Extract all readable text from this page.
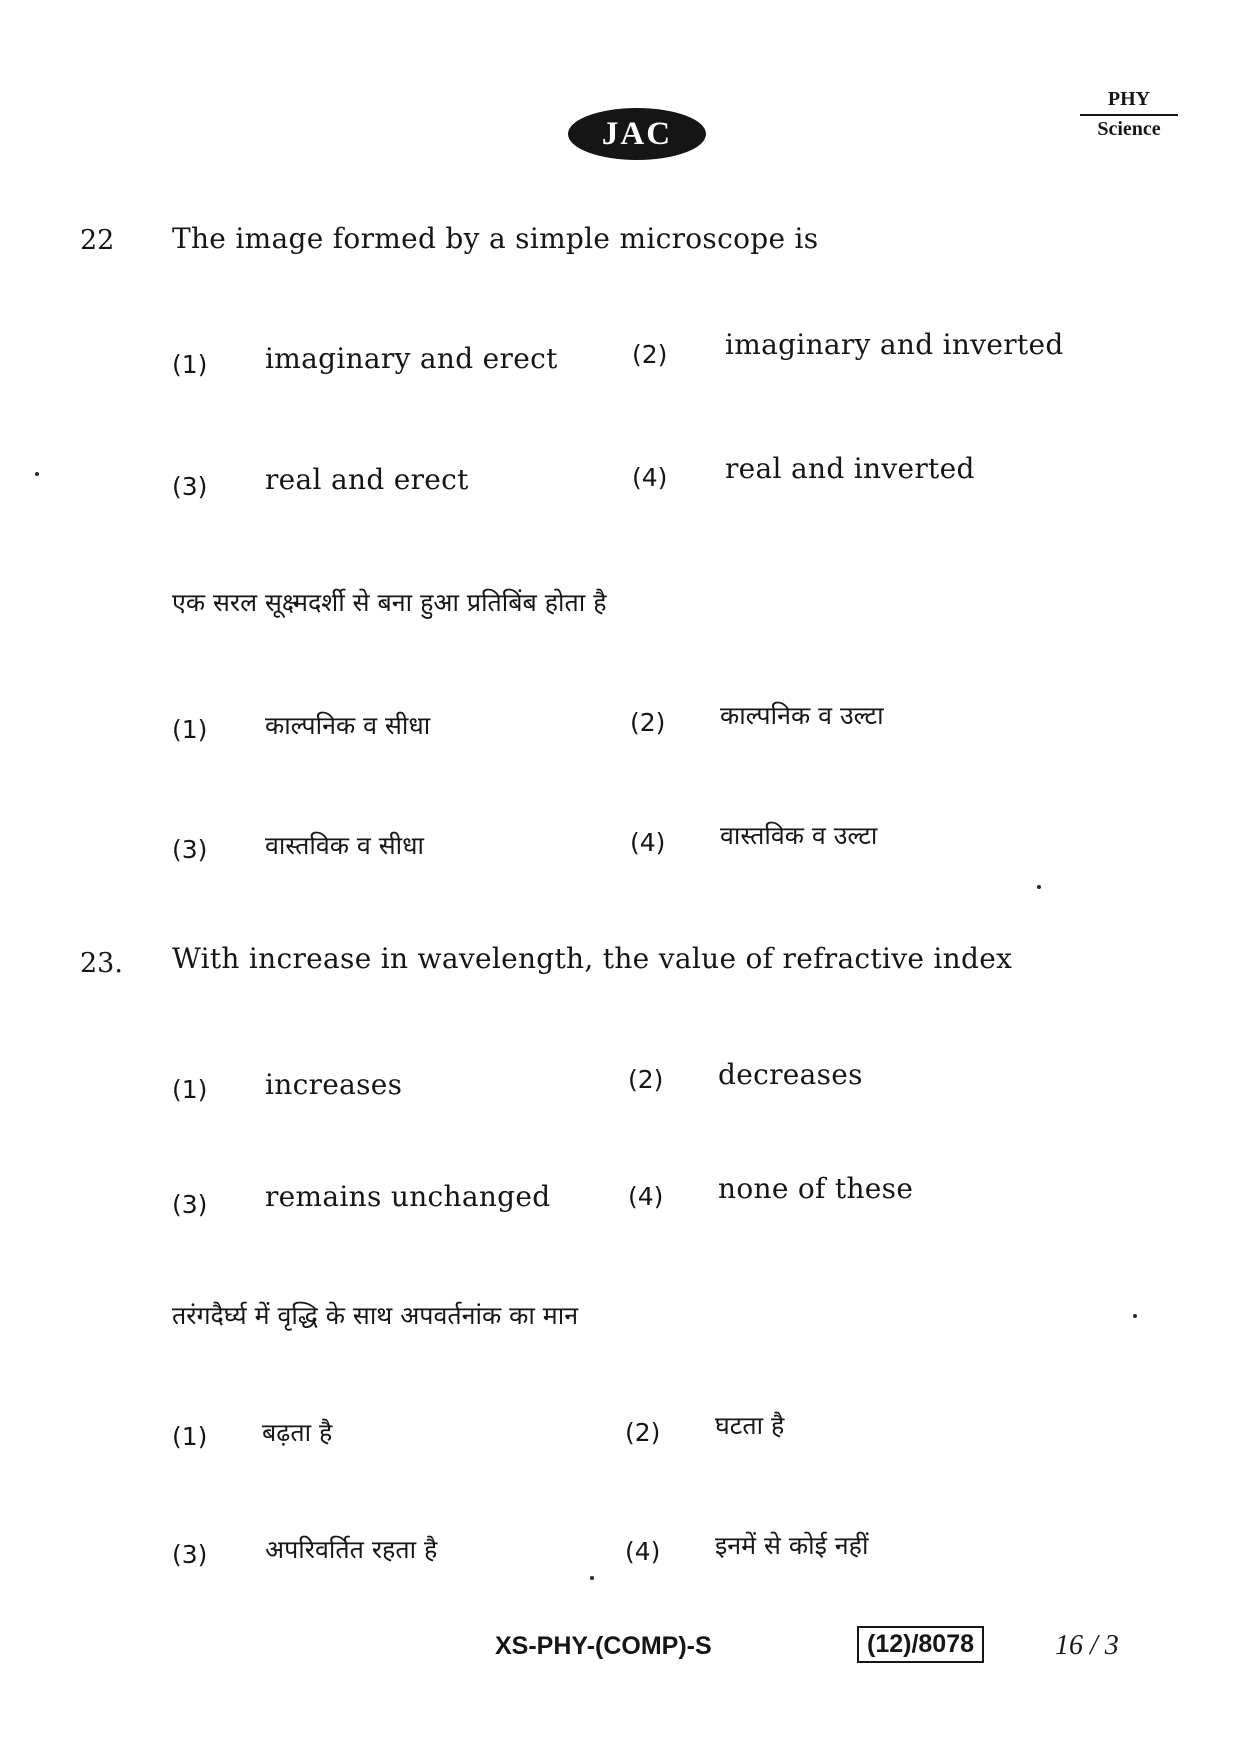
JAC
PHY
Science
22 The image formed by a simple microscope is
(1) imaginary and erect	(2) imaginary and inverted
(3) real and erect	(4) real and inverted
एक सरल सूक्ष्मदर्शी से बना हुआ प्रतिबिंब होता है
(1) काल्पनिक व सीधा	(2) काल्पनिक व उल्टा
(3) वास्तविक व सीधा	(4) वास्तविक व उल्टा
23. With increase in wavelength, the value of refractive index
(1) increases	(2) decreases
(3) remains unchanged	(4) none of these
तरंगदैर्घ्य में वृद्धि के साथ अपवर्तनांक का मान
(1) बढ़ता है	(2) घटता है
(3) अपरिवर्तित रहता है	(4) इनमें से कोई नहीं
XS-PHY-(COMP)-S	(12)/8078	16 / 3
